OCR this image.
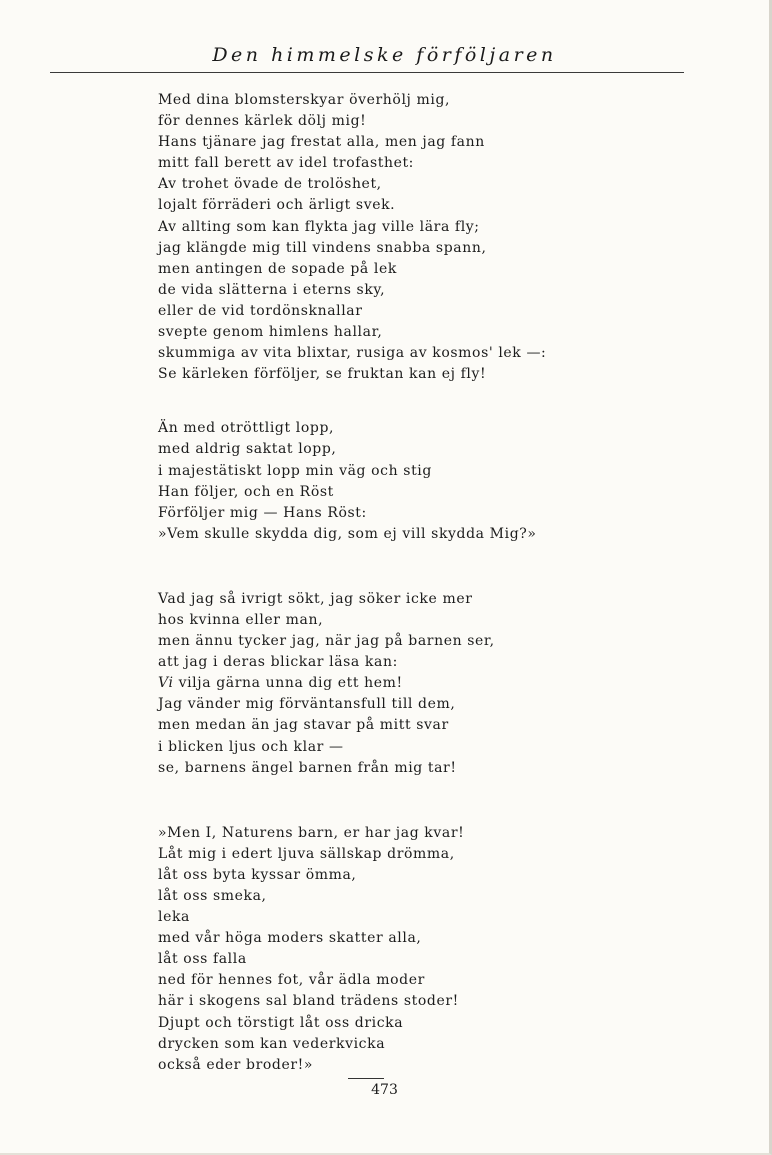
Den himmelske förföljaren
Med dina blomsterskyar överhölj mig,
för dennes kärlek dölj mig!
Hans tjänare jag frestat alla, men jag fann
mitt fall berett av idel trofasthet:
Av trohet övade de trolöshet,
lojalt förräderi och ärligt svek.
Av allting som kan flykta jag ville lära fly;
jag klängde mig till vindens snabba spann,
men antingen de sopade på lek
de vida slätterna i eterns sky,
eller de vid tordönsknallar
svepte genom himlens hallar,
skummiga av vita blixtar, rusiga av kosmos' lek —:
Se kärleken förföljer, se fruktan kan ej fly!
Än med otröttligt lopp,
med aldrig saktat lopp,
i majestätiskt lopp min väg och stig
Han följer, och en Röst
Förföljer mig — Hans Röst:
»Vem skulle skydda dig, som ej vill skydda Mig?»
Vad jag så ivrigt sökt, jag söker icke mer
hos kvinna eller man,
men ännu tycker jag, när jag på barnen ser,
att jag i deras blickar läsa kan:
Vi vilja gärna unna dig ett hem!
Jag vänder mig förväntansfull till dem,
men medan än jag stavar på mitt svar
i blicken ljus och klar —
se, barnens ängel barnen från mig tar!
»Men I, Naturens barn, er har jag kvar!
Låt mig i edert ljuva sällskap drömma,
låt oss byta kyssar ömma,
låt oss smeka,
leka
med vår höga moders skatter alla,
låt oss falla
ned för hennes fot, vår ädla moder
här i skogens sal bland trädens stoder!
Djupt och törstigt låt oss dricka
drycken som kan vederkvicka
också eder broder!»
473
